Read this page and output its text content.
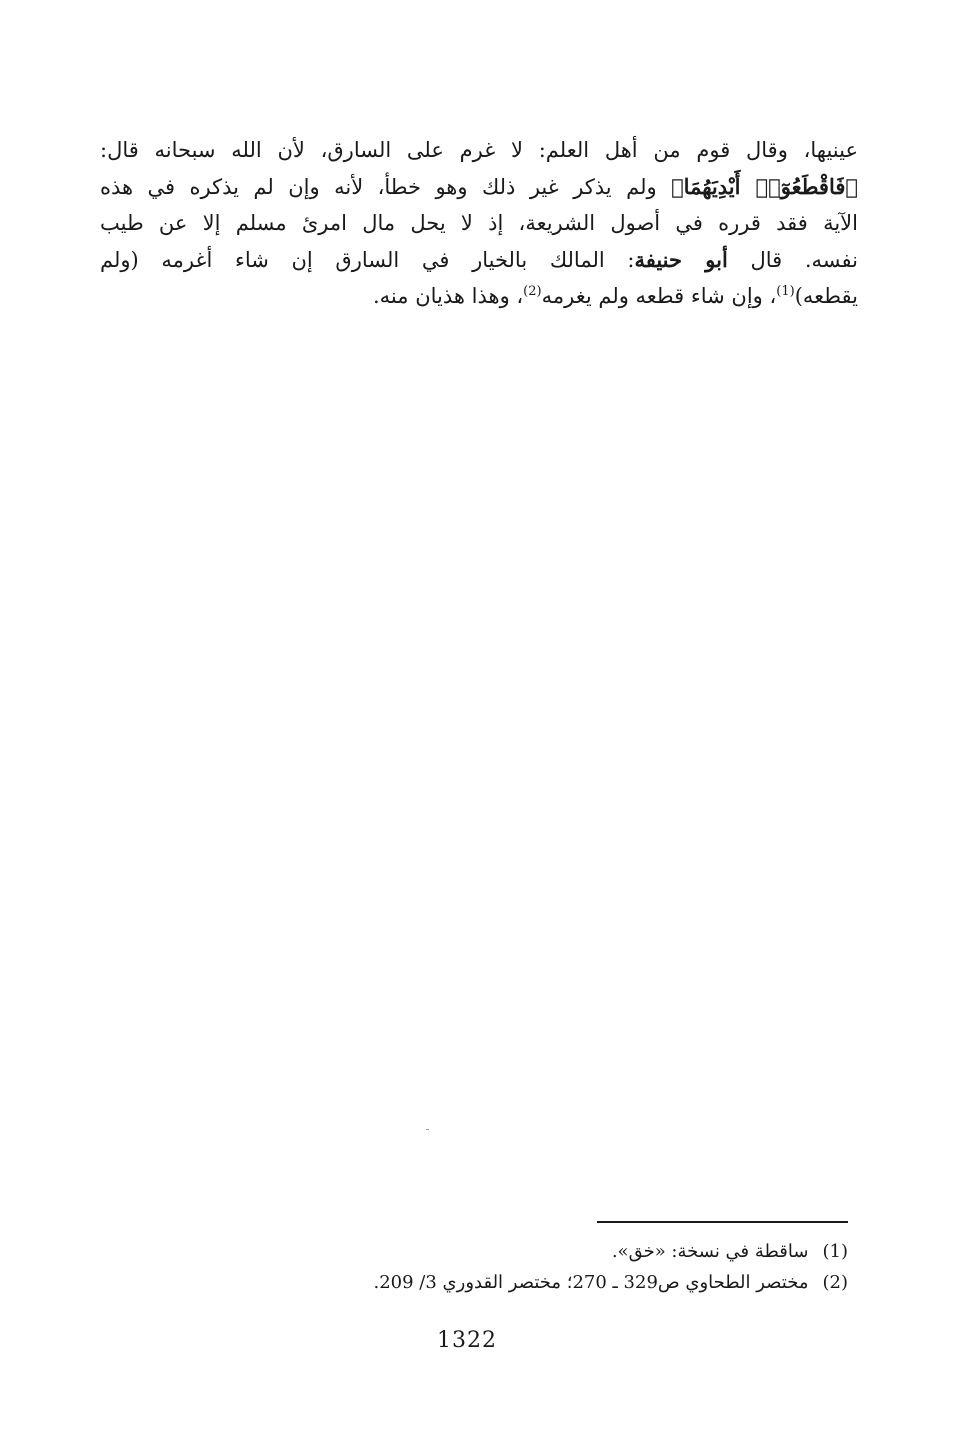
عينيها، وقال قوم من أهل العلم: لا غرم على السارق، لأن الله سبحانه قال:
﴿فَاقْطَعُوٓا۟ أَيْدِيَهُمَا﴾ ولم يذكر غير ذلك وهو خطأ، لأنه وإن لم يذكره في هذه
الآية فقد قرره في أصول الشريعة، إذ لا يحل مال امرئ مسلم إلا عن طيب
نفسه. قال أبو حنيفة: المالك بالخيار في السارق إن شاء أغرمه (ولم
يقطعه)$^{(1)}$، وإن شاء قطعه ولم يغرمه$^{(2)}$، وهذا هذيان منه.
(1)ساقطة في نسخة: «خق».
(2)مختصر الطحاوي ص329 ـ 270؛ مختصر القدوري 3/ 209.
1322
